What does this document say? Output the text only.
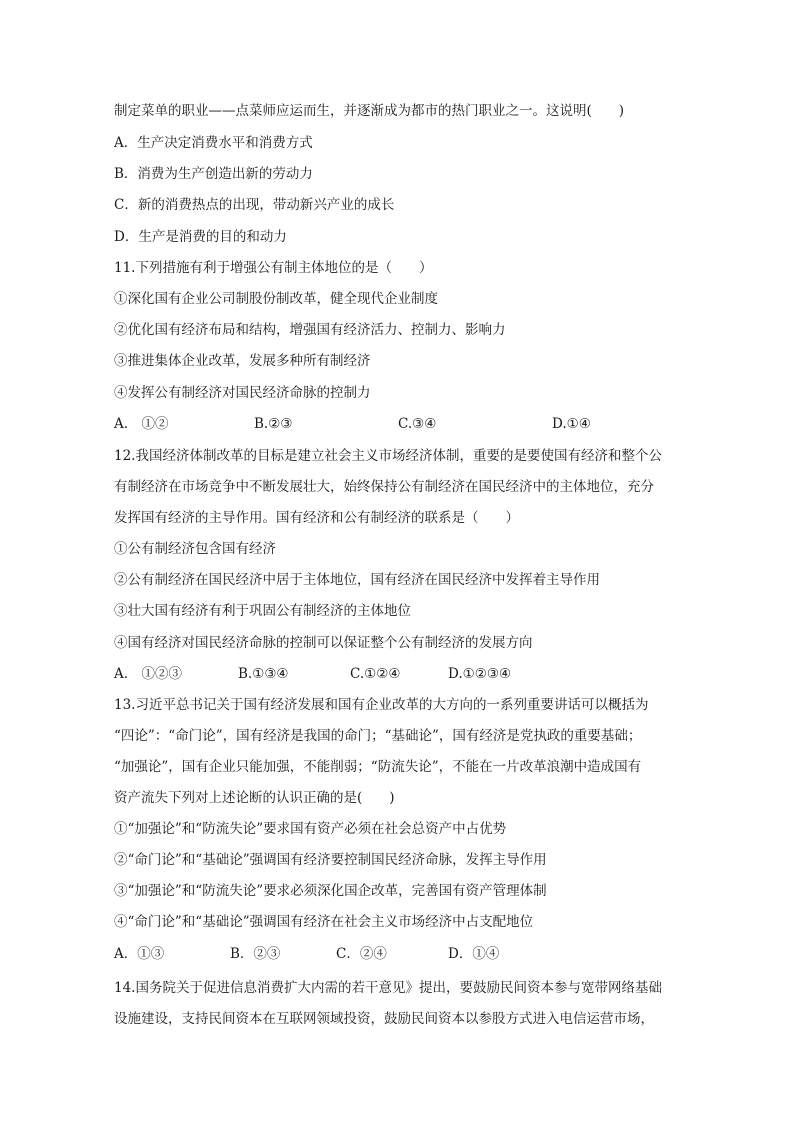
制定菜单的职业——点菜师应运而生，并逐渐成为都市的热门职业之一。这说明(　　)
A．生产决定消费水平和消费方式
B．消费为生产创造出新的劳动力
C．新的消费热点的出现，带动新兴产业的成长
D．生产是消费的目的和动力
11.下列措施有利于增强公有制主体地位的是（　　）
①深化国有企业公司制股份制改革，健全现代企业制度
②优化国有经济布局和结构，增强国有经济活力、控制力、影响力
③推进集体企业改革，发展多种所有制经济
④发挥公有制经济对国民经济命脉的控制力
A.　①②	B.②③	C.③④	D.①④
12.我国经济体制改革的目标是建立社会主义市场经济体制，重要的是要使国有经济和整个公
有制经济在市场竞争中不断发展壮大，始终保持公有制经济在国民经济中的主体地位，充分
发挥国有经济的主导作用。国有经济和公有制经济的联系是（　　）
①公有制经济包含国有经济
②公有制经济在国民经济中居于主体地位，国有经济在国民经济中发挥着主导作用
③壮大国有经济有利于巩固公有制经济的主体地位
④国有经济对国民经济命脉的控制可以保证整个公有制经济的发展方向
A.　①②③	B.①③④	C.①②④	D.①②③④
13.习近平总书记关于国有经济发展和国有企业改革的大方向的一系列重要讲话可以概括为
“四论”：“命门论”，国有经济是我国的命门；“基础论”，国有经济是党执政的重要基础；
“加强论”，国有企业只能加强，不能削弱；“防流失论”，不能在一片改革浪潮中造成国有
资产流失下列对上述论断的认识正确的是(　　)
①“加强论”和“防流失论”要求国有资产必须在社会总资产中占优势
②“命门论”和“基础论”强调国有经济要控制国民经济命脉，发挥主导作用
③“加强论”和“防流失论”要求必须深化国企改革，完善国有资产管理体制
④“命门论”和“基础论”强调国有经济在社会主义市场经济中占支配地位
A．①③	B．②③	C．②④	D．①④
14.国务院关于促进信息消费扩大内需的若干意见》提出，要鼓励民间资本参与宽带网络基础
设施建设，支持民间资本在互联网领域投资，鼓励民间资本以参股方式进入电信运营市场，
